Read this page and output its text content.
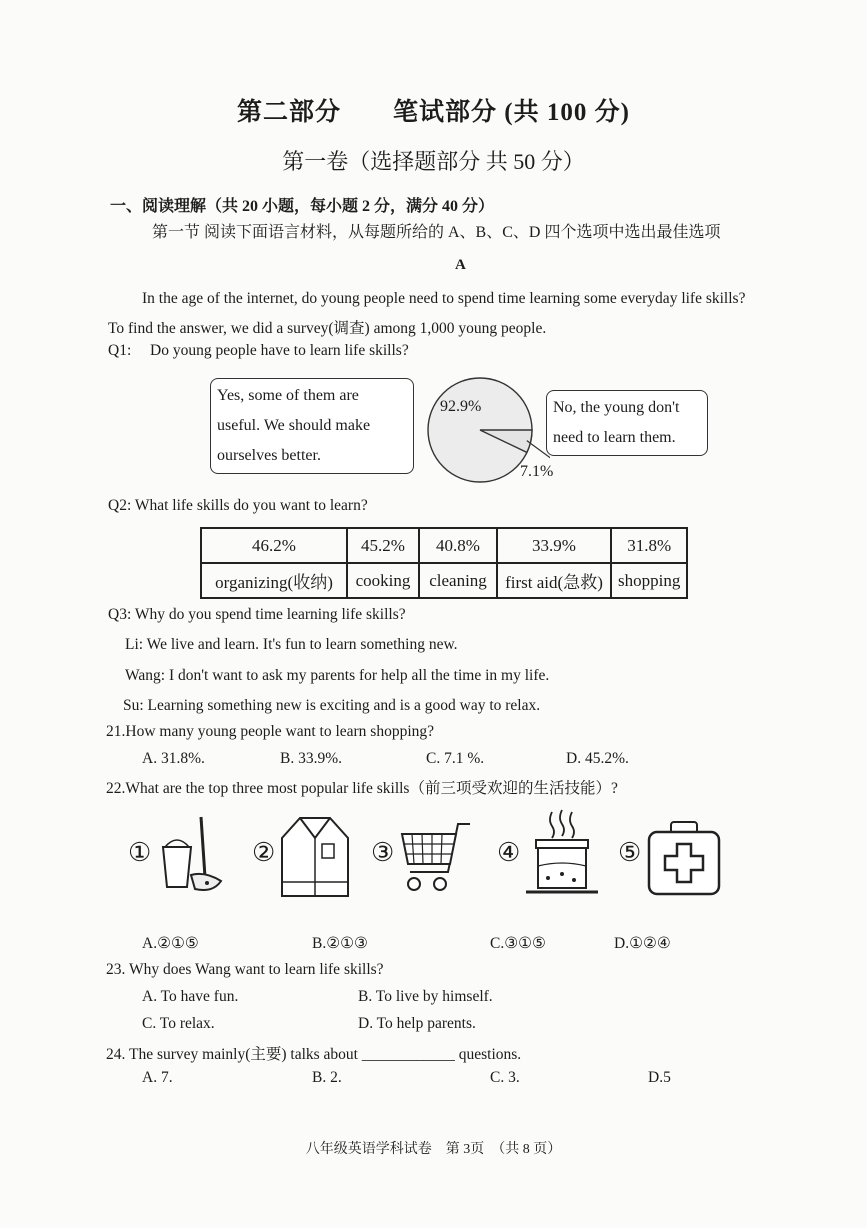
第二部分　　笔试部分 (共 100 分)
第一卷（选择题部分 共 50 分）
一、阅读理解（共 20 小题，每小题 2 分，满分 40 分）
第一节 阅读下面语言材料，从每题所给的 A、B、C、D 四个选项中选出最佳选项
A
In the age of the internet, do young people need to spend time learning some everyday life skills?
To find the answer, we did a survey(调查) among 1,000 young people.
Q1: Do young people have to learn life skills?
Yes, some of them are
useful. We should make
ourselves better.
92.9%
7.1%
No, the young don't
need to learn them.
Q2: What life skills do you want to learn?
46.2%	45.2%	40.8%	33.9%	31.8%
organizing(收纳)	cooking	cleaning	first aid(急救)	shopping
Q3: Why do you spend time learning life skills?
Li: We live and learn. It's fun to learn something new.
Wang: I don't want to ask my parents for help all the time in my life.
Su: Learning something new is exciting and is a good way to relax.
21.How many young people want to learn shopping?
A. 31.8%.	B. 33.9%.	C. 7.1 %.	D. 45.2%.
22.What are the top three most popular life skills（前三项受欢迎的生活技能）?
①	②	③	④	⑤
A.②①⑤	B.②①③	C.③①⑤	D.①②④
23. Why does Wang want to learn life skills?
A. To have fun.	B. To live by himself.
C. To relax.	D. To help parents.
24. The survey mainly(主要) talks about ____________ questions.
A. 7.	B. 2.	C. 3.	D.5
八年级英语学科试卷　第 3页　（共 8 页）
